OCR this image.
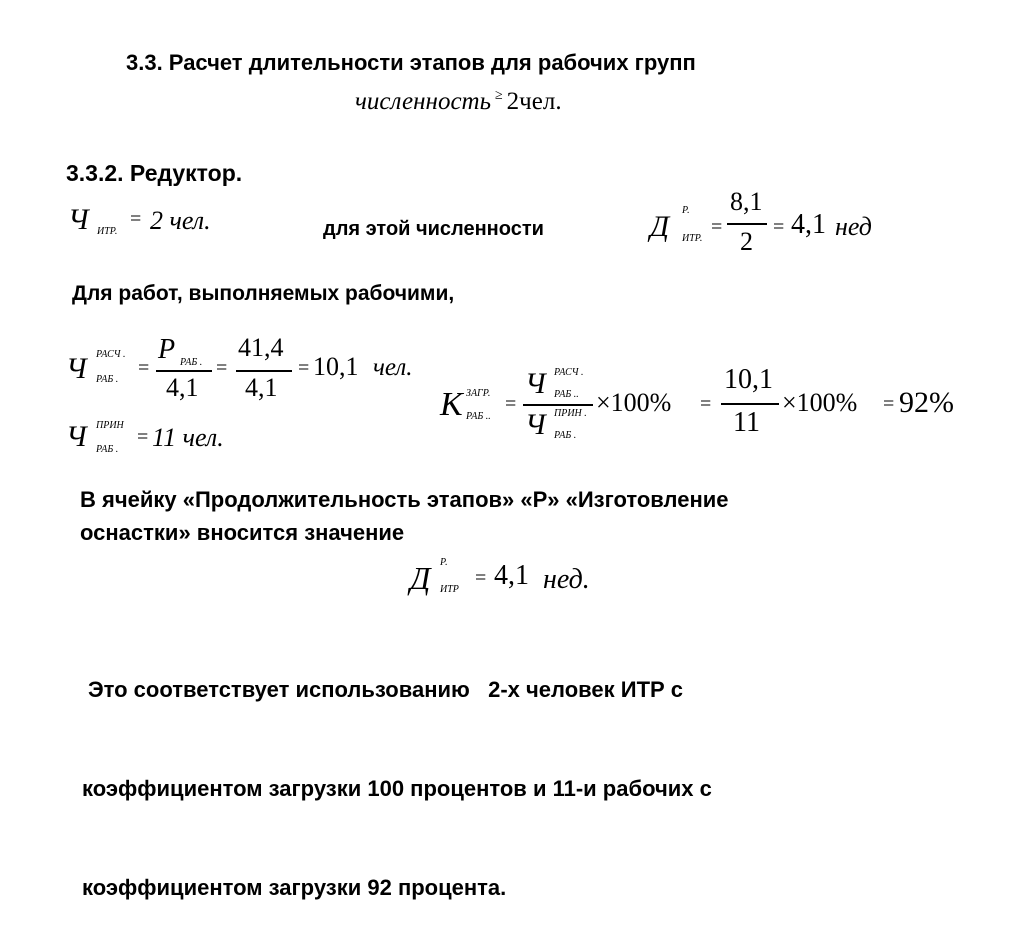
3.3. Расчет длительности этапов для рабочих групп
численность ≥ 2чел.
3.3.2. Редуктор.
Ч ИТР.
= 2 чел.	для этой численности	Д Р.
ИТР.
=
8,1
2 = 4,1 нед
Для работ, выполняемых рабочими,
Ч РАСЧ .
РАБ .
=
Р РАБ .
4,1
=
41,4
4,1
= 10,1 чел.
Ч ПРИН
РАБ .
= 11 чел.
К ЗАГР.
РАБ ..
=
Ч РАСЧ .
РАБ ..
Ч ПРИН .
РАБ .
×100% =
10,1
11
×100% = 92%
В ячейку «Продолжительность этапов» «Р» «Изготовление
оснастки» вносится значение
Д Р.
ИТР
= 4,1 нед.

Это соответствует использованию   2-х человек ИТР с

коэффициентом загрузки 100 процентов и 11-и рабочих с

коэффициентом загрузки 92 процента.
